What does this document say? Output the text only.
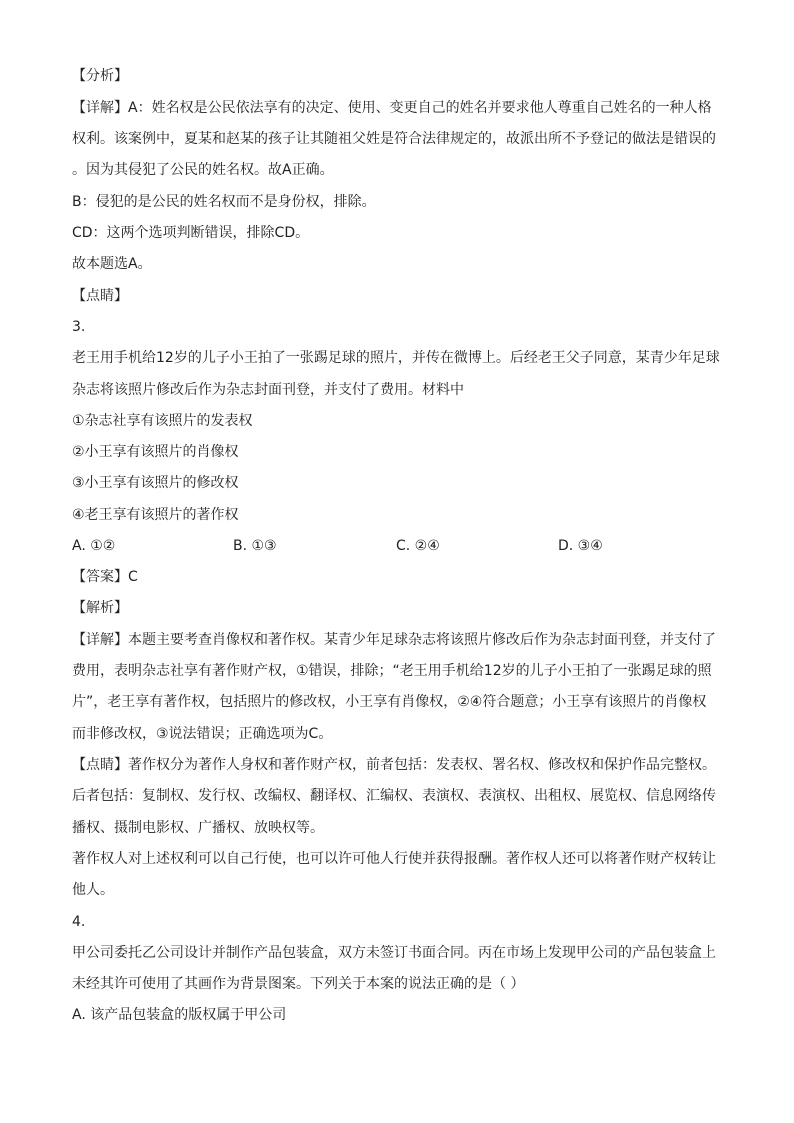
【分析】
【详解】A：姓名权是公民依法享有的决定、使用、变更自己的姓名并要求他人尊重自己姓名的一种人格
权利。该案例中，夏某和赵某的孩子让其随祖父姓是符合法律规定的，故派出所不予登记的做法是错误的
。因为其侵犯了公民的姓名权。故A正确。
B：侵犯的是公民的姓名权而不是身份权，排除。
CD：这两个选项判断错误，排除CD。
故本题选A。
【点睛】
3.
老王用手机给12岁的儿子小王拍了一张踢足球的照片，并传在微博上。后经老王父子同意，某青少年足球
杂志将该照片修改后作为杂志封面刊登，并支付了费用。材料中
①杂志社享有该照片的发表权
②小王享有该照片的肖像权
③小王享有该照片的修改权
④老王享有该照片的著作权
A. ①②	B. ①③	C. ②④	D. ③④
【答案】C
【解析】
【详解】本题主要考查肖像权和著作权。某青少年足球杂志将该照片修改后作为杂志封面刊登，并支付了
费用，表明杂志社享有著作财产权，①错误，排除；“老王用手机给12岁的儿子小王拍了一张踢足球的照
片”，老王享有著作权，包括照片的修改权，小王享有肖像权，②④符合题意；小王享有该照片的肖像权
而非修改权，③说法错误；正确选项为C。
【点睛】著作权分为著作人身权和著作财产权，前者包括：发表权、署名权、修改权和保护作品完整权。
后者包括：复制权、发行权、改编权、翻译权、汇编权、表演权、表演权、出租权、展览权、信息网络传
播权、摄制电影权、广播权、放映权等。
著作权人对上述权利可以自己行使，也可以许可他人行使并获得报酬。著作权人还可以将著作财产权转让
他人。
4.
甲公司委托乙公司设计并制作产品包装盒，双方未签订书面合同。丙在市场上发现甲公司的产品包装盒上
未经其许可使用了其画作为背景图案。下列关于本案的说法正确的是（ ）
A. 该产品包装盒的版权属于甲公司
